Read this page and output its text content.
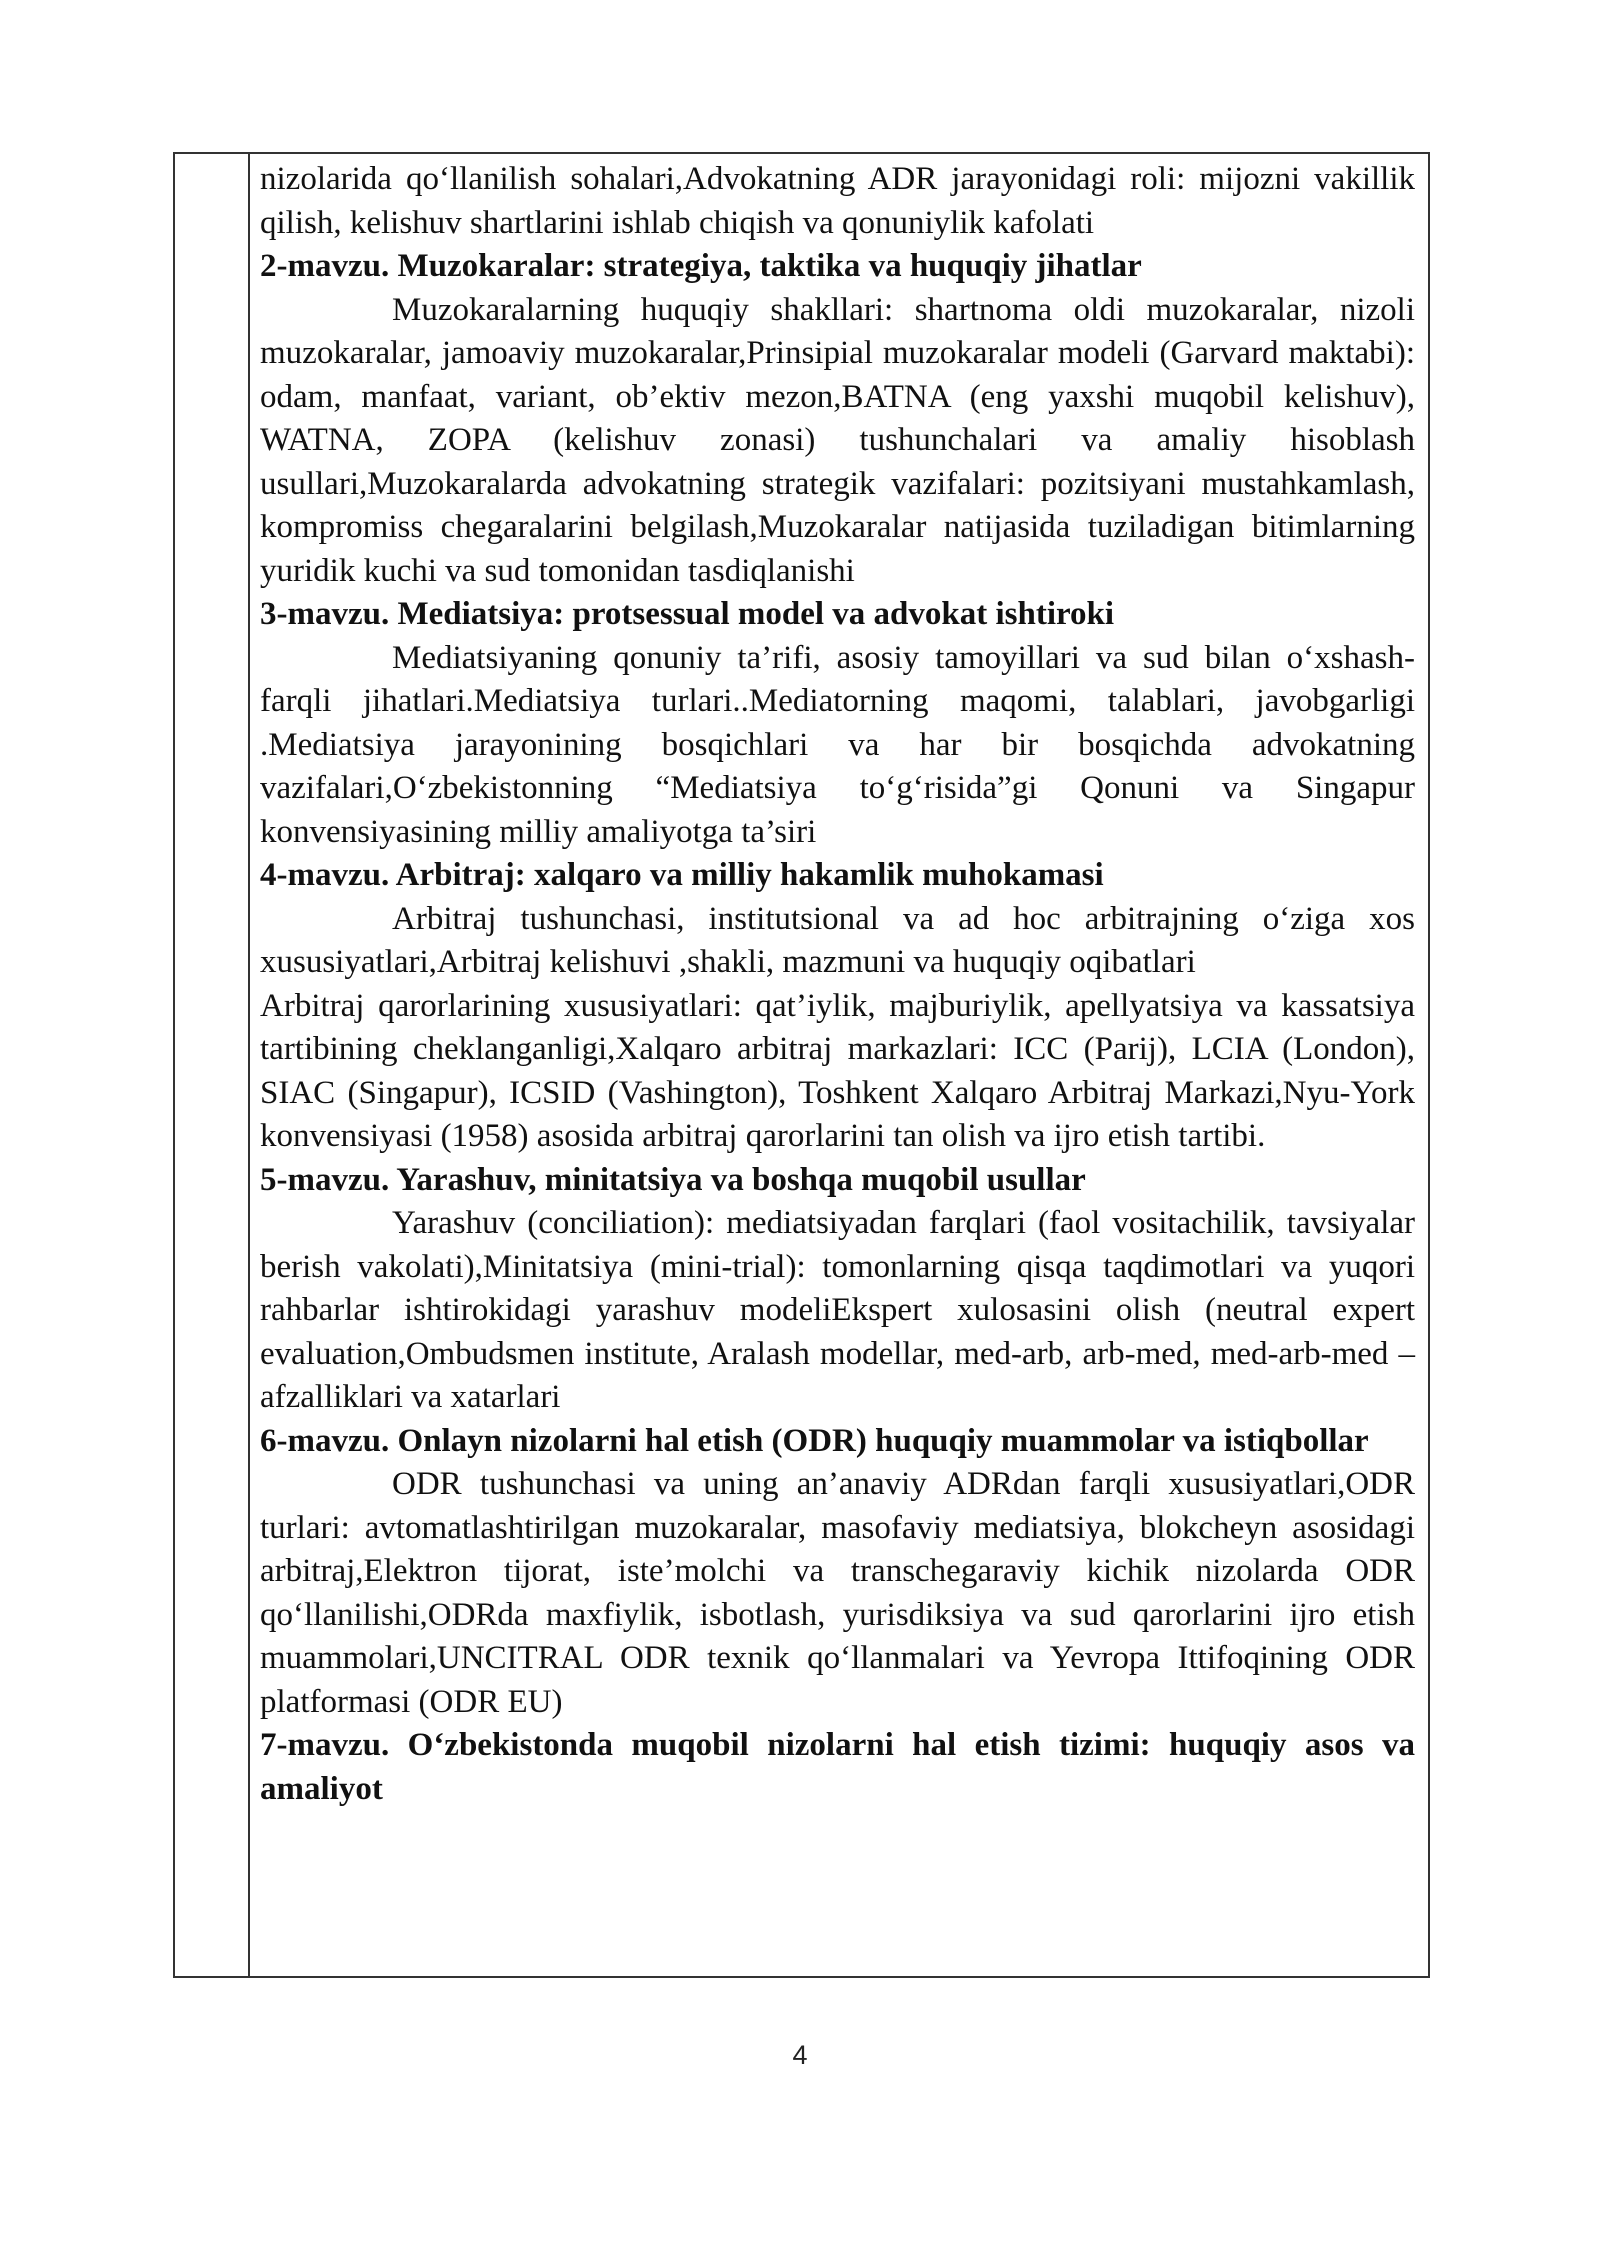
nizolarida qo‘llanilish sohalari,Advokatning ADR jarayonidagi roli: mijozni vakillik qilish, kelishuv shartlarini ishlab chiqish va qonuniylik kafolati

2-mavzu. Muzokaralar: strategiya, taktika va huquqiy jihatlar

Muzokaralarning huquqiy shakllari: shartnoma oldi muzokaralar, nizoli muzokaralar, jamoaviy muzokaralar,Prinsipial muzokaralar modeli (Garvard maktabi): odam, manfaat, variant, ob’ektiv mezon,BATNA (eng yaxshi muqobil kelishuv), WATNA, ZOPA (kelishuv zonasi) tushunchalari va amaliy hisoblash usullari,Muzokaralarda advokatning strategik vazifalari: pozitsiyani mustahkamlash, kompromiss chegaralarini belgilash,Muzokaralar natijasida tuziladigan bitimlarning yuridik kuchi va sud tomonidan tasdiqlanishi

3-mavzu. Mediatsiya: protsessual model va advokat ishtiroki

Mediatsiyaning qonuniy ta’rifi, asosiy tamoyillari va sud bilan o‘xshash-farqli jihatlari.Mediatsiya turlari..Mediatorning maqomi, talablari, javobgarligi .Mediatsiya jarayonining bosqichlari va har bir bosqichda advokatning vazifalari,O‘zbekistonning “Mediatsiya to‘g‘risida”gi Qonuni va Singapur konvensiyasining milliy amaliyotga ta’siri

4-mavzu. Arbitraj: xalqaro va milliy hakamlik muhokamasi

Arbitraj tushunchasi, institutsional va ad hoc arbitrajning o‘ziga xos xususiyatlari,Arbitraj kelishuvi ,shakli, mazmuni va huquqiy oqibatlari

Arbitraj qarorlarining xususiyatlari: qat’iylik, majburiylik, apellyatsiya va kassatsiya tartibining cheklanganligi,Xalqaro arbitraj markazlari: ICC (Parij), LCIA (London), SIAC (Singapur), ICSID (Vashington), Toshkent Xalqaro Arbitraj Markazi,Nyu-York konvensiyasi (1958) asosida arbitraj qarorlarini tan olish va ijro etish tartibi.

5-mavzu. Yarashuv, minitatsiya va boshqa muqobil usullar

Yarashuv (conciliation): mediatsiyadan farqlari (faol vositachilik, tavsiyalar berish vakolati),Minitatsiya (mini-trial): tomonlarning qisqa taqdimotlari va yuqori rahbarlar ishtirokidagi yarashuv modeliEkspert xulosasini olish (neutral expert evaluation,Ombudsmen institute, Aralash modellar, med-arb, arb-med, med-arb-med – afzalliklari va xatarlari

6-mavzu. Onlayn nizolarni hal etish (ODR) huquqiy muammolar va istiqbollar

ODR tushunchasi va uning an’anaviy ADRdan farqli xususiyatlari,ODR turlari: avtomatlashtirilgan muzokaralar, masofaviy mediatsiya, blokcheyn asosidagi arbitraj,Elektron tijorat, iste’molchi va transchegaraviy kichik nizolarda ODR qo‘llanilishi,ODRda maxfiylik, isbotlash, yurisdiksiya va sud qarorlarini ijro etish muammolari,UNCITRAL ODR texnik qo‘llanmalari va Yevropa Ittifoqining ODR platformasi (ODR EU)

7-mavzu. O‘zbekistonda muqobil nizolarni hal etish tizimi: huquqiy asos va amaliyot

4
